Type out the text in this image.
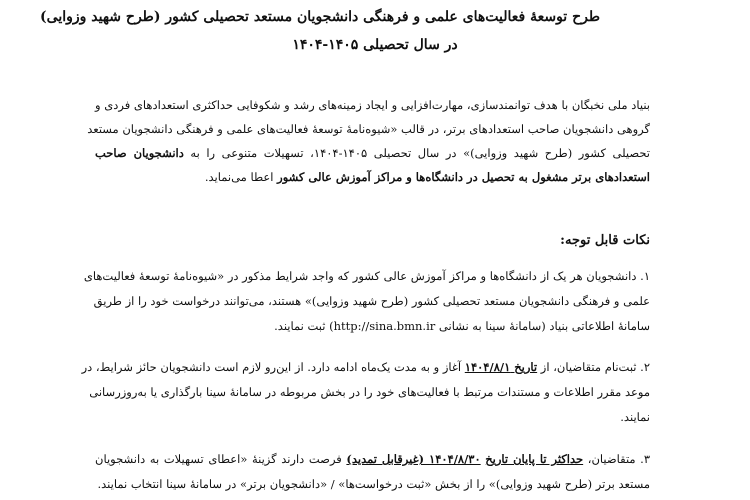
طرح توسعهٔ فعالیت‌های علمی و فرهنگی دانشجویان مستعد تحصیلی کشور (طرح شهید وزوایی)
در سال تحصیلی ۱۴۰۵-۱۴۰۴
بنیاد ملی نخبگان با هدف توانمندسازی، مهارت‌افزایی و ایجاد زمینه‌های رشد و شکوفایی حداکثری استعدادهای فردی و
گروهی دانشجویان صاحب استعدادهای برتر، در قالب «شیوه‌نامهٔ توسعهٔ فعالیت‌های علمی و فرهنگی دانشجویان مستعد
تحصیلی کشور (طرح شهید وزوایی)» در سال تحصیلی ۱۴۰۵-۱۴۰۴، تسهیلات متنوعی را به دانشجویان صاحب
استعدادهای برتر مشغول به تحصیل در دانشگاه‌ها و مراکز آموزش عالی کشور اعطا می‌نماید.
نکات قابل توجه:
۱. دانشجویان هر یک از دانشگاه‌ها و مراکز آموزش عالی کشور که واجد شرایط مذکور در «شیوه‌نامهٔ توسعهٔ فعالیت‌های
علمی و فرهنگی دانشجویان مستعد تحصیلی کشور (طرح شهید وزوایی)» هستند، می‌توانند درخواست خود را از طریق
سامانهٔ اطلاعاتی بنیاد (سامانهٔ سینا به نشانی (http://sina.bmn.ir ثبت نمایند.
۲. ثبت‌نام متقاضیان، از تاریخ ۱۴۰۴/۸/۱ آغاز و به مدت یک‌ماه ادامه دارد. از این‌رو لازم است دانشجویان حائز شرایط، در
موعد مقرر اطلاعات و مستندات مرتبط با فعالیت‌های خود را در بخش مربوطه در سامانهٔ سینا بارگذاری یا به‌روزرسانی
نمایند.
۳. متقاضیان، حداکثر تا پایان تاریخ ۱۴۰۴/۸/۳۰ (غیرقابل تمدید) فرصت دارند گزینهٔ «اعطای تسهیلات به دانشجویان
مستعد برتر (طرح شهید وزوایی)» را از بخش «ثبت درخواست‌ها» / «دانشجویان برتر» در سامانهٔ سینا انتخاب نمایند.
